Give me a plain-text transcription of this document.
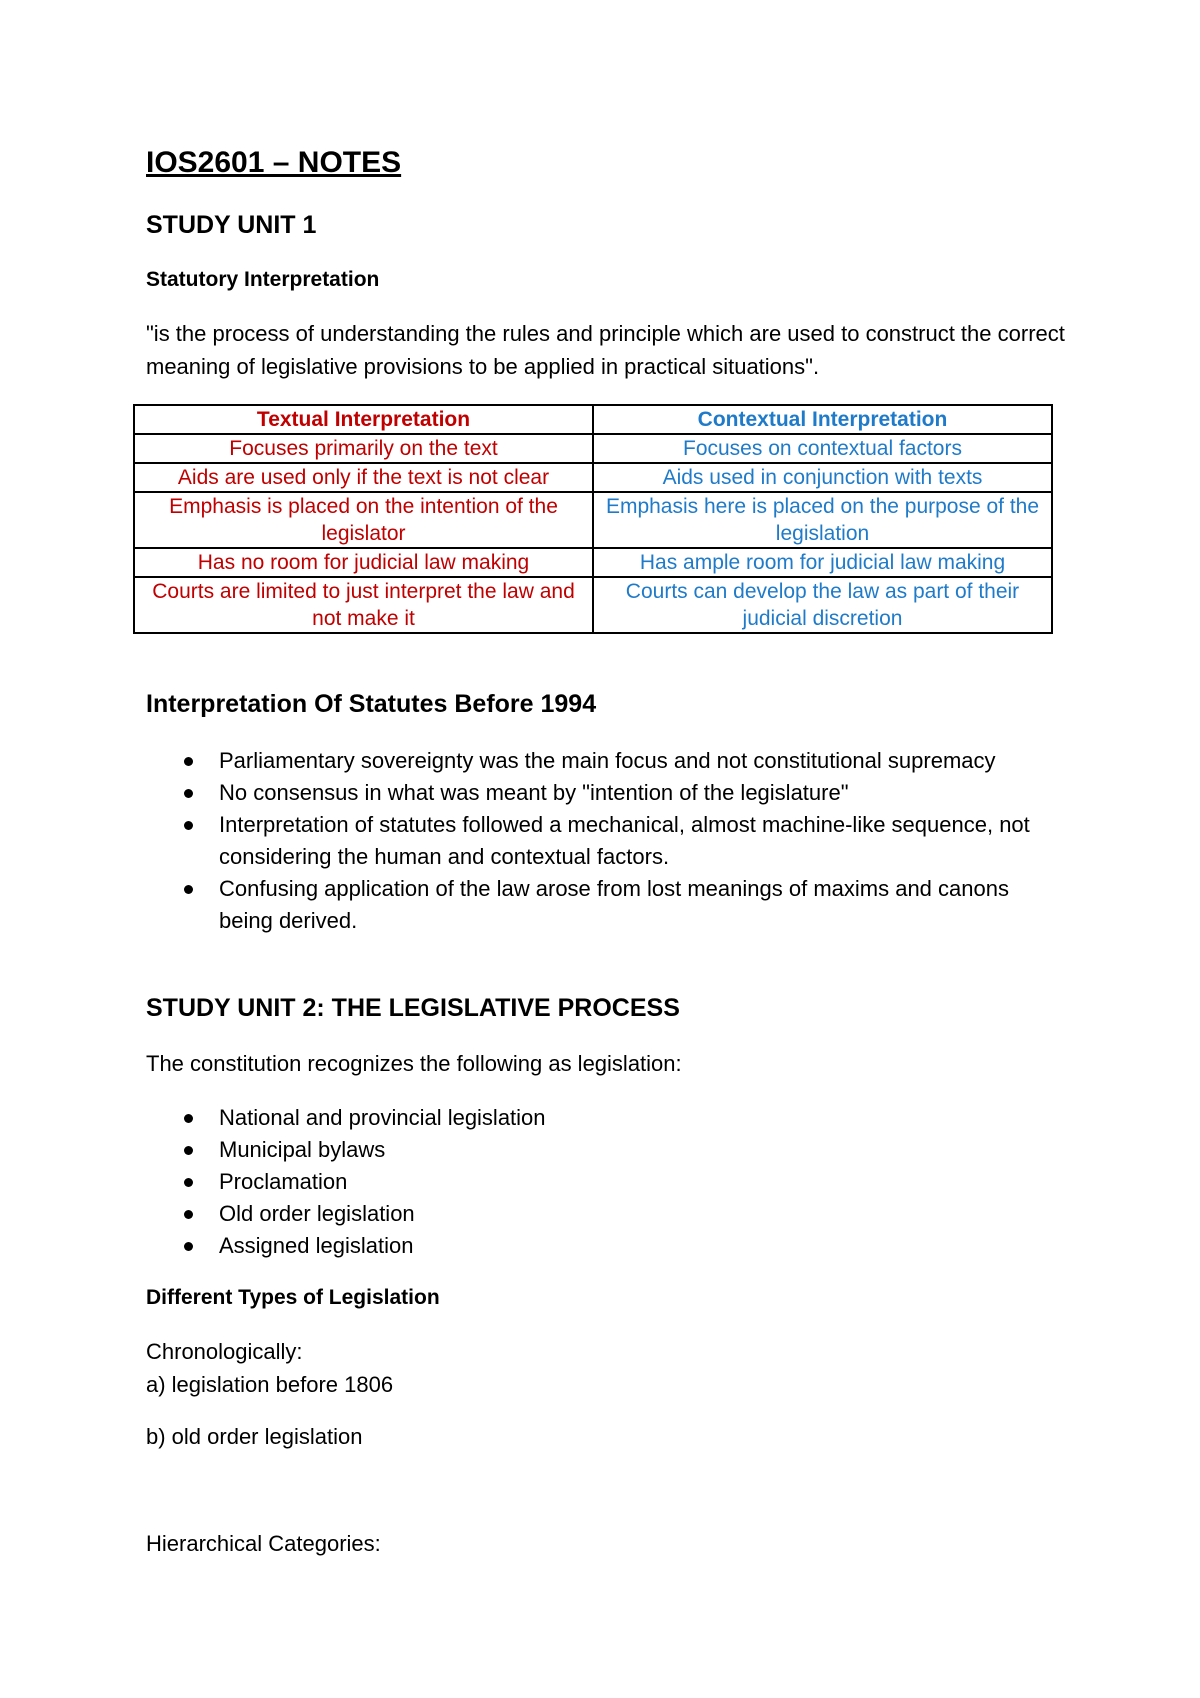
IOS2601 – NOTES
STUDY UNIT 1
Statutory Interpretation

"is the process of understanding the rules and principle which are used to construct the correct meaning of legislative provisions to be applied in practical situations".

Textual Interpretation	Contextual Interpretation
Focuses primarily on the text	Focuses on contextual factors
Aids are used only if the text is not clear	Aids used in conjunction with texts
Emphasis is placed on the intention of the legislator	Emphasis here is placed on the purpose of the legislation
Has no room for judicial law making	Has ample room for judicial law making
Courts are limited to just interpret the law and not make it	Courts can develop the law as part of their judicial discretion
Interpretation Of Statutes Before 1994
Parliamentary sovereignty was the main focus and not constitutional supremacy
No consensus in what was meant by "intention of the legislature"
Interpretation of statutes followed a mechanical, almost machine-like sequence, not considering the human and contextual factors.
Confusing application of the law arose from lost meanings of maxims and canons being derived.
STUDY UNIT 2: THE LEGISLATIVE PROCESS

The constitution recognizes the following as legislation:

National and provincial legislation
Municipal bylaws
Proclamation
Old order legislation
Assigned legislation
Different Types of Legislation

Chronologically:

a) legislation before 1806

b) old order legislation

Hierarchical Categories:
